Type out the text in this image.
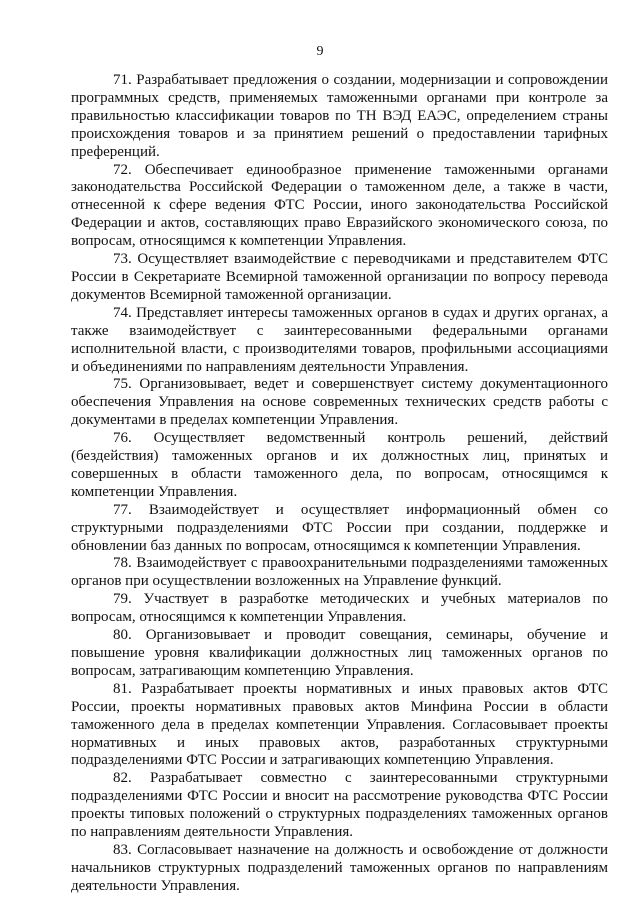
9

71. Разрабатывает предложения о создании, модернизации и сопровождении программных средств, применяемых таможенными органами при контроле за правильностью классификации товаров по ТН ВЭД ЕАЭС, определением страны происхождения товаров и за принятием решений о предоставлении тарифных преференций.

72. Обеспечивает единообразное применение таможенными органами законодательства Российской Федерации о таможенном деле, а также в части, отнесенной к сфере ведения ФТС России, иного законодательства Российской Федерации и актов, составляющих право Евразийского экономического союза, по вопросам, относящимся к компетенции Управления.

73. Осуществляет взаимодействие с переводчиками и представителем ФТС России в Секретариате Всемирной таможенной организации по вопросу перевода документов Всемирной таможенной организации.

74. Представляет интересы таможенных органов в судах и других органах, а также взаимодействует с заинтересованными федеральными органами исполнительной власти, с производителями товаров, профильными ассоциациями и объединениями по направлениям деятельности Управления.

75. Организовывает, ведет и совершенствует систему документационного обеспечения Управления на основе современных технических средств работы с документами в пределах компетенции Управления.

76. Осуществляет ведомственный контроль решений, действий (бездействия) таможенных органов и их должностных лиц, принятых и совершенных в области таможенного дела, по вопросам, относящимся к компетенции Управления.

77. Взаимодействует и осуществляет информационный обмен со структурными подразделениями ФТС России при создании, поддержке и обновлении баз данных по вопросам, относящимся к компетенции Управления.

78. Взаимодействует с правоохранительными подразделениями таможенных органов при осуществлении возложенных на Управление функций.

79. Участвует в разработке методических и учебных материалов по вопросам, относящимся к компетенции Управления.

80. Организовывает и проводит совещания, семинары, обучение и повышение уровня квалификации должностных лиц таможенных органов по вопросам, затрагивающим компетенцию Управления.

81. Разрабатывает проекты нормативных и иных правовых актов ФТС России, проекты нормативных правовых актов Минфина России в области таможенного дела в пределах компетенции Управления. Согласовывает проекты нормативных и иных правовых актов, разработанных структурными подразделениями ФТС России и затрагивающих компетенцию Управления.

82. Разрабатывает совместно с заинтересованными структурными подразделениями ФТС России и вносит на рассмотрение руководства ФТС России проекты типовых положений о структурных подразделениях таможенных органов по направлениям деятельности Управления.

83. Согласовывает назначение на должность и освобождение от должности начальников структурных подразделений таможенных органов по направлениям деятельности Управления.
